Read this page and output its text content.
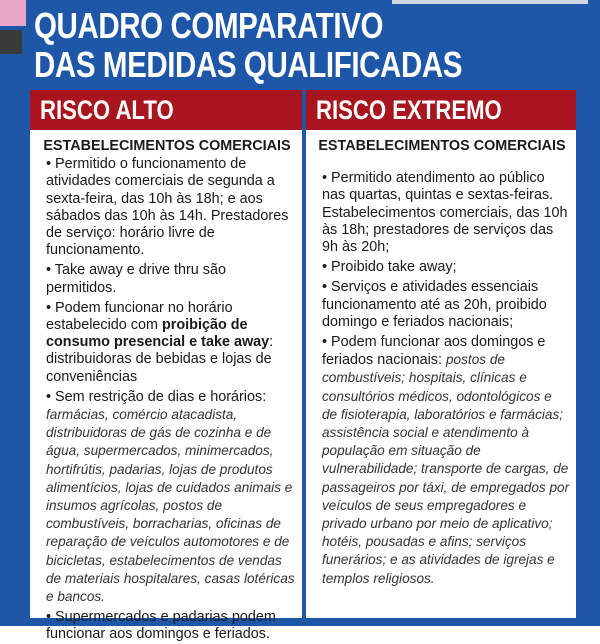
QUADRO COMPARATIVO
DAS MEDIDAS QUALIFICADAS
RISCO ALTO
ESTABELECIMENTOS COMERCIAIS
• Permitido o funcionamento de atividades comerciais de segunda a sexta-feira, das 10h às 18h; e aos sábados das 10h às 14h. Prestadores de serviço: horário livre de funcionamento.
• Take away e drive thru são permitidos.
• Podem funcionar no horário estabelecido com proibição de consumo presencial e take away: distribuidoras de bebidas e lojas de conveniências
• Sem restrição de dias e horários: farmácias, comércio atacadista, distribuidoras de gás de cozinha e de água, supermercados, minimercados, hortifrútis, padarias, lojas de produtos alimentícios, lojas de cuidados animais e insumos agrícolas, postos de combustíveis, borracharias, oficinas de reparação de veículos automotores e de bicicletas, estabelecimentos de vendas de materiais hospitalares, casas lotéricas e bancos.
• Supermercados e padarias podem funcionar aos domingos e feriados.
RISCO EXTREMO
ESTABELECIMENTOS COMERCIAIS
• Permitido atendimento ao público nas quartas, quintas e sextas-feiras. Estabelecimentos comerciais, das 10h às 18h; prestadores de serviços das 9h às 20h;
• Proibido take away;
• Serviços e atividades essenciais funcionamento até as 20h, proibido domingo e feriados nacionais;
• Podem funcionar aos domingos e feriados nacionais: postos de combustíveis; hospitais, clínicas e consultórios médicos, odontológicos e de fisioterapia, laboratórios e farmácias; assistência social e atendimento à população em situação de vulnerabilidade; transporte de cargas, de passageiros por táxi, de empregados por veículos de seus empregadores e privado urbano por meio de aplicativo; hotéis, pousadas e afins; serviços funerários; e as atividades de igrejas e templos religiosos.
